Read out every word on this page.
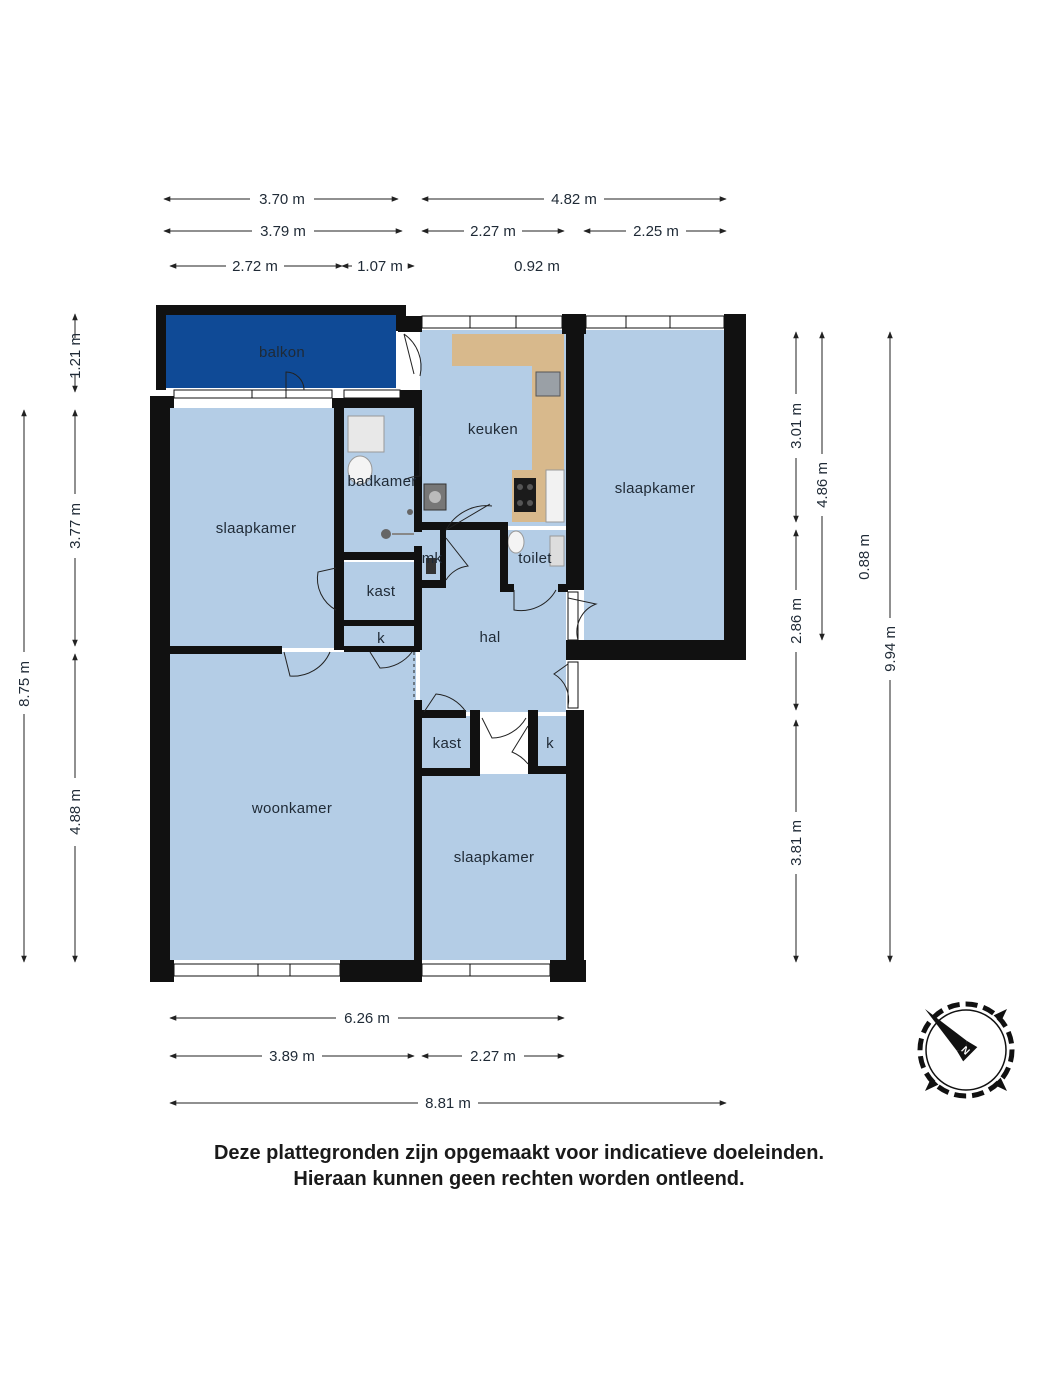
balkon
keuken
slaapkamer
badkamer
slaapkamer
mk	toilet
kast
k	hal
kast	k
woonkamer
slaapkamer
3.70 m	4.82 m
3.79 m	2.27 m	2.25 m
2.72 m	1.07 m	0.92 m
6.26 m
3.89 m	2.27 m
8.81 m
1.21 m
3.77 m
4.88 m
8.75 m
3.01 m
2.86 m
3.81 m
4.86 m
0.88 m
9.94 m
N
Deze plattegronden zijn opgemaakt voor indicatieve doeleinden.
Hieraan kunnen geen rechten worden ontleend.
